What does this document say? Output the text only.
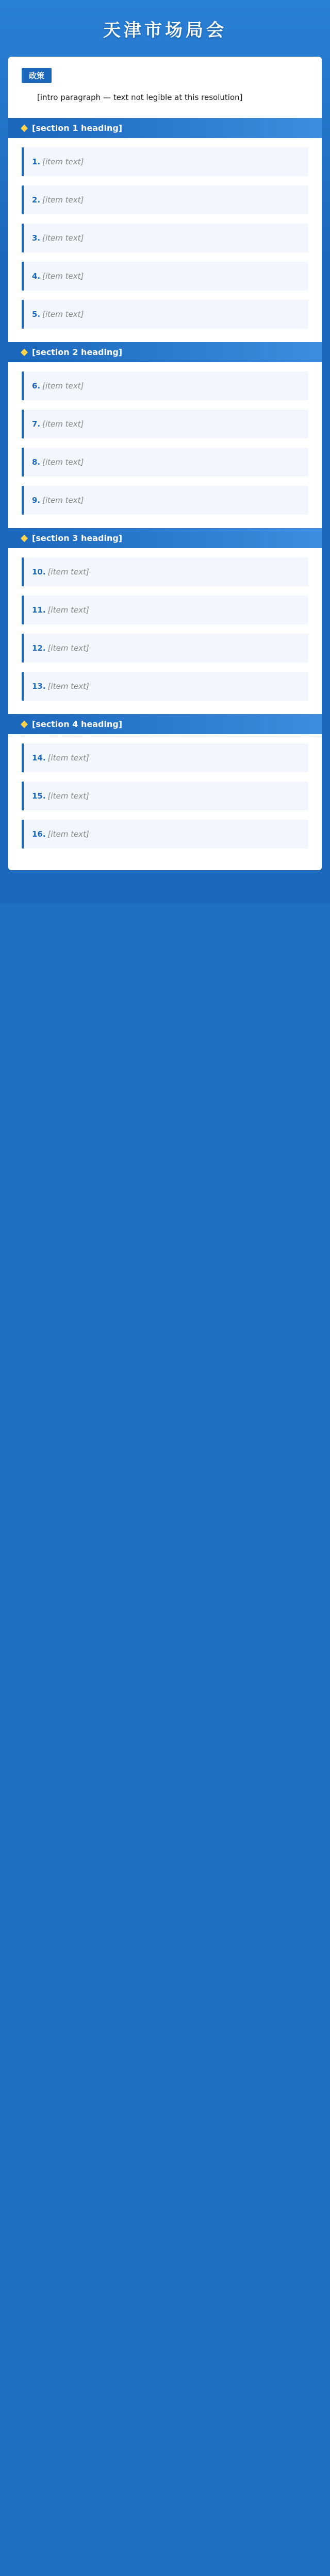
天津市场局会
政策

[intro paragraph — text not legible at this resolution]

[section 1 heading]
1. [item text]
2. [item text]
3. [item text]
4. [item text]
5. [item text]
[section 2 heading]
6. [item text]
7. [item text]
8. [item text]
9. [item text]
[section 3 heading]
10. [item text]
11. [item text]
12. [item text]
13. [item text]
[section 4 heading]
14. [item text]
15. [item text]
16. [item text]
